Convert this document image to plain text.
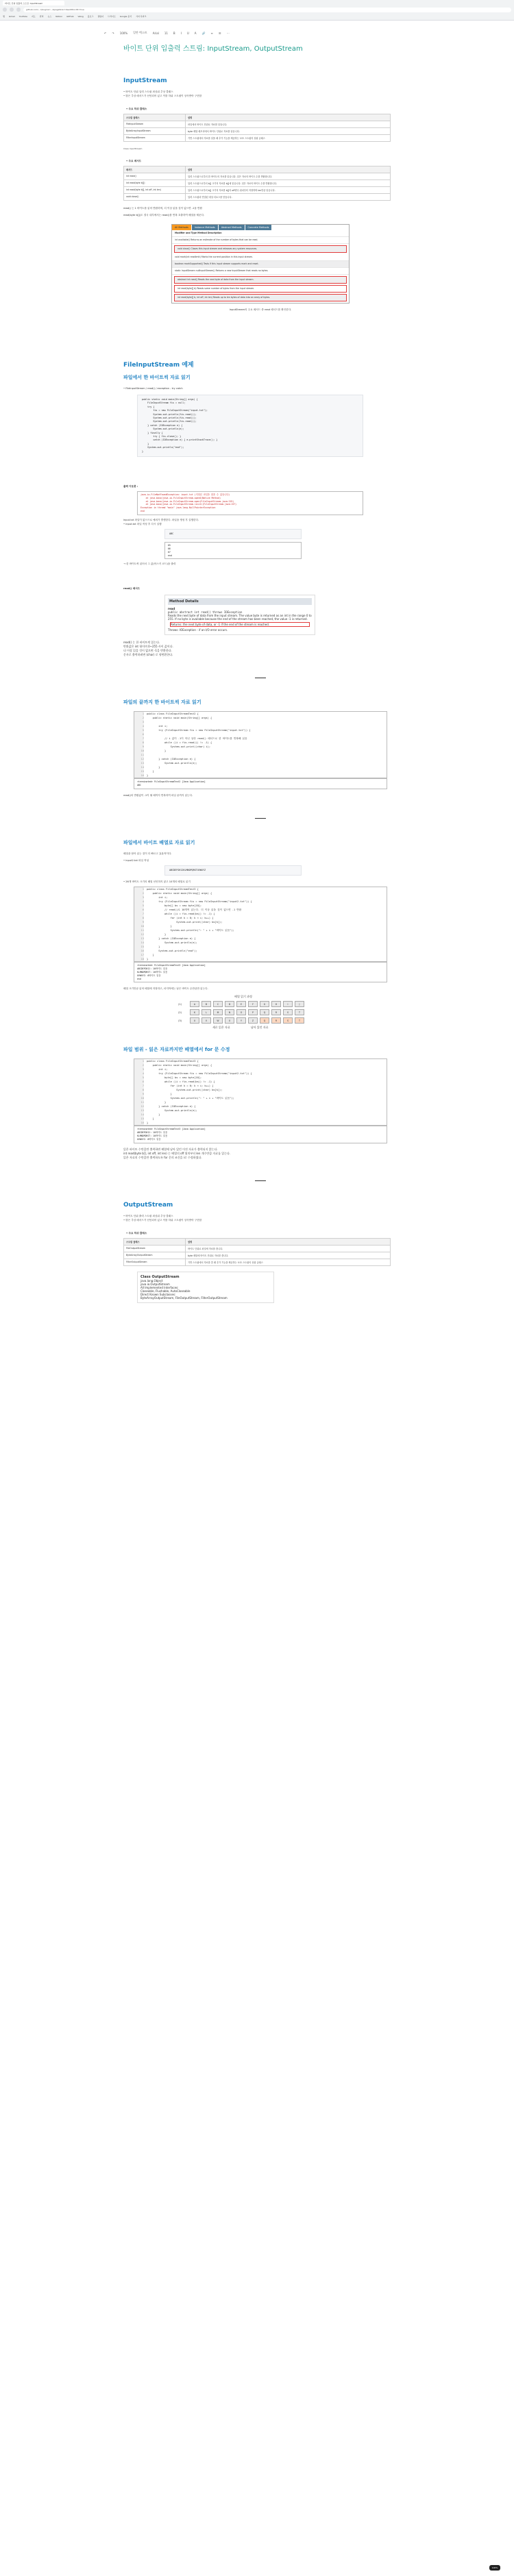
바이트 단위 입출력 스트림: InputStream
github.com/...?plugins=...&pageSize=1&editDocID=true
앱 Gmail YouTube 지도 번역 뉴스 Notion GitHub Velog 블로그 캘린더 드라이브 Google 문서 기타 북마크
↶	↷	100%	일반 텍스트	Arial	11	B	I	U	A	🔗	≡	☰	⋯
바이트 단위 입출력 스트림: InputStream, OutputStream
InputStream
• 바이트 단위 입력 스트림 최상위 추상 클래스
• 많은 추상 메서드가 선언되어 있고 이를 하위 스트림이 상속받아 구현함
• 주요 하위 클래스
스트림 클래스	설명
FileInputStream	파일에서 바이트 단위로 자료를 읽습니다.
ByteArrayInputStream	byte 배열 메모리에서 바이트 단위로 자료를 읽습니다.
FilterInputStream	기반 스트림에서 자료를 읽을 때 추가 기능을 제공하는 보조 스트림의 상위 클래스
Class InputStream
• 주요 메서드
메서드	설명
int read()	입력 스트림으로부터 한 바이트의 자료를 읽습니다. 읽은 자료의 바이트 수를 반환합니다.
int read(byte b[])	입력 스트림으로부터 b[] 크기의 자료를 b[]에 읽습니다. 읽은 자료의 바이트 수를 반환합니다.
int read(byte b[], int off, int len)	입력 스트림으로부터 b[] 크기의 자료를 b[]의 off변수 위치부터 저장하며 len만큼 읽습니다.
void close()	입력 스트림과 연결된 대상 리소스를 닫습니다.

read() 는 1 바이트를 읽어 반환하며, 더 이상 읽을 것이 없으면 -1을 반환

read(byte b[])도 결국 내부에서는 read()를 반복 호출하여 배열을 채운다.

All Methods	Instance Methods	Abstract Methods	Concrete Methods
Modifier and Type Method Description
int available() Returns an estimate of the number of bytes that can be read.
void close() Closes this input stream and releases any system resources.
void mark(int readlimit) Marks the current position in this input stream.
boolean markSupported() Tests if this input stream supports mark and reset.
static InputStream nullInputStream() Returns a new InputStream that reads no bytes.
abstract int read() Reads the next byte of data from the input stream.
int read(byte[] b) Reads some number of bytes from the input stream.
int read(byte[] b, int off, int len) Reads up to len bytes of data into an array of bytes.

InputStream의 주요 메서드 중 read 메서드를 확인한다.

FileInputStream 예제
파일에서 한 바이트씩 자료 읽기

• FileInputStream / read() / exception - try catch

public static void main(String[] args) {
FileInputStream fis = null;
try {
fis = new FileInputStream("input.txt");
System.out.println(fis.read());
System.out.println(fis.read());
System.out.println(fis.read());
} catch (IOException e) {
System.out.println(e);
} finally {
try { fis.close(); }
catch (IOException e) { e.printStackTrace(); }
}
System.out.println("end");
}

출력 아웃풋 :

java.io.FileNotFoundException: input.txt (지정된 파일을 찾을 수 없습니다)
at java.base/java.io.FileInputStream.open0(Native Method)
at java.base/java.io.FileInputStream.open(FileInputStream.java:219)
at java.base/java.io.FileInputStream.<init>(FileInputStream.java:157)
Exception in thread "main" java.lang.NullPointerException
end

input.txt 파일이 없으므로 예외가 발생한다. 파일을 생성 후 실행한다.

• input.txt 파일 작성 후 다시 실행

ABC
65
66
67
end

→ 한 바이트씩 읽어서 그 값(아스키 코드)을 출력

read() 메서드

Method Details
read
public abstract int read() throws IOException
Reads the next byte of data from the input stream. The value byte is returned as an int in the range 0 to 255. If no byte is available because the end of the stream has been reached, the value -1 is returned.
Returns: the next byte of data, or -1 if the end of the stream is reached.
Throws: IOException - if an I/O error occurs.
read() 는 한 바이트씩 읽는다.
반환값은 int 형이며 0~255 사이 값이다.
더 이상 읽을 것이 없으면 -1을 반환한다.
문자로 출력하려면 (char) 로 형변환한다.
파일의 끝까지 한 바이트씩 자료 읽기
1 public class FileInputStreamTest2 {
2    public static void main(String[] args) {
3
4        int i;
5        try (FileInputStream fis = new FileInputStream("input.txt")) {
6
7            // i 값이 -1이 아닌 동안 read() 메서드로 한 바이트를 반복해 읽음
8            while ((i = fis.read()) != -1) {
9                System.out.print((char) i);
10            }
11
12        } catch (IOException e) {
13            System.out.println(e);
14        }
15    }
16 }
<terminated> FileInputStreamTest2 [Java Application]
ABC

read()의 반환값이 -1이 될 때까지 반복하여 파일 끝까지 읽는다.

파일에서 바이트 배열로 자료 읽기

배열을 담아 읽는 것이 더 빠르고 효율적이다.

• input2.txt 파일 작성

ABCDEFGHIJKLMNOPQRSTUVWXYZ

• 26개 바이트 크기의 배열 선언하지 않고 10개의 배열로 읽기

1 public class FileInputStreamTest3 {
2    public static void main(String[] args) {
3        int i;
4        try (FileInputStream fis = new FileInputStream("input2.txt")) {
5            byte[] bs = new byte[10];
6            // read()로 10개씩 읽는다. 더 이상 읽을 것이 없으면 -1 반환
7            while ((i = fis.read(bs)) != -1) {
8                for (int k = 0; k < i; k++) {
9                    System.out.print((char) bs[k]);
10                }
11                System.out.println(": " + i + "바이트 읽음");
12            }
13        } catch (IOException e) {
14            System.out.println(e);
15        }
16        System.out.println("end");
17    }
18 }
<terminated> FileInputStreamTest3 [Java Application]
ABCDEFGHIJ: 10바이트 읽음
KLMNOPQRST: 10바이트 읽음
UVWXYZ: 6바이트 읽음
end

배열 크기만큼 읽어 배열에 저장하고, 마지막에는 남은 바이트 수만큼만 읽는다.

배열 읽기 과정
(1)	A	B	C	D	E	F	G	H	I	J
(2)	K	L	M	N	O	P	Q	R	S	T
(3)	U	V	W	X	Y	Z	Q	R	S	T
새로 읽은 자료	남아 있던 자료
파일 범위 - 읽은 자료까지만 배열에서 for 문 수정
1 public class FileInputStreamTest3 {
2    public static void main(String[] args) {
3        int i;
4        try (FileInputStream fis = new FileInputStream("input2.txt")) {
5            byte[] bs = new byte[10];
6            while ((i = fis.read(bs)) != -1) {
7                for (int k = 0; k < i; k++) {
8                    System.out.print((char) bs[k]);
9                }
10                System.out.println(": " + i + "바이트 읽음");
11            }
12        } catch (IOException e) {
13            System.out.println(e);
14        }
15    }
16 }
<terminated> FileInputStreamTest3 [Java Application]
ABCDEFGHIJ: 10바이트 읽음
KLMNOPQRST: 10바이트 읽음
UVWXYZ: 6바이트 읽음
읽은 바이트 수만큼만 출력하면 배열에 남아 있던 이전 자료가 출력되지 않는다.
int read(byte b[], int off, int len) 는 배열의 off 위치부터 len 개수만큼 자료를 읽는다.
읽은 자료의 수만큼만 출력하도록 for 문의 조건을 i로 수정하였다.
OutputStream
• 바이트 단위 출력 스트림 최상위 추상 클래스
• 많은 추상 메서드가 선언되어 있고 이를 하위 스트림이 상속받아 구현함
• 주요 하위 클래스
스트림 클래스	설명
FileOutputStream	바이트 단위로 파일에 자료를 씁니다.
ByteArrayOutputStream	byte 배열에 바이트 단위로 자료를 씁니다.
FilterOutputStream	기반 스트림에서 자료를 쓸 때 추가 기능을 제공하는 보조 스트림의 상위 클래스
Class OutputStream
java.lang.Object
java.io.OutputStream
All Implemented Interfaces:
Closeable, Flushable, AutoCloseable
Direct Known Subclasses:
ByteArrayOutputStream, FileOutputStream, FilterOutputStream
100%
